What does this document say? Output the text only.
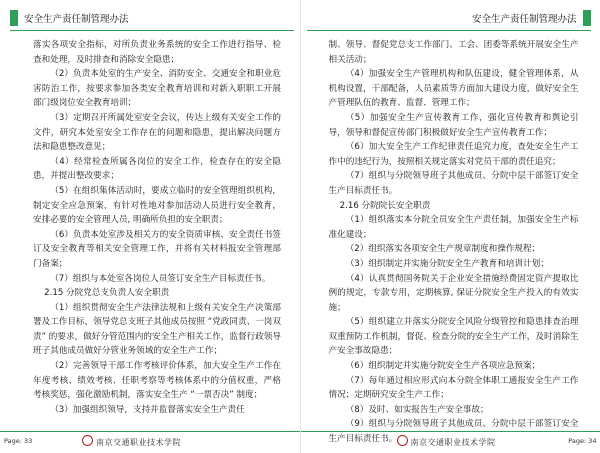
安全生产责任制管理办法

落实各项安全指标，对所负责业务系统的安全工作进行指导、检查和处理，及时排查和消除安全隐患；

（2）负责本处室的生产安全、消防安全、交通安全和职业危害防治工作，按要求参加各类安全教育培训和对新入职职工开展部门级岗位安全教育培训；

（3）定期召开所属处室安全会议，传达上级有关安全工作的文件，研究本处室安全工作存在的问题和隐患，提出解决问题方法和隐患整改意见；

（4）经常检查所属各岗位的安全工作，检查存在的安全隐患，并提出整改要求；

（5）在组织集体活动时，要成立临时的安全管理组织机构，制定安全应急预案，有针对性地对参加活动人员进行安全教育，安排必要的安全管理人员, 明确所负担的安全职责；

（6）负责本处室涉及相关方的安全资质审核、安全责任书签订及安全教育等相关安全管理工作，并将有关材料报安全管理部门备案；

（7）组织与本处室各岗位人员签订安全生产目标责任书。

2.15 分院党总支负责人安全职责

（1）组织贯彻安全生产法律法规和上级有关安全生产决策部署及工作目标，领导党总支班子其他成员按照 “党政同责、一岗双责” 的要求，做好分管范围内的安全生产相关工作，监督行政领导班子其他成员做好分管业务领域的安全生产工作；

（2）完善领导干部工作考核评价体系，加大安全生产工作在年度考核、绩效考核、任职考察等考核体系中的分值权重，严格考核奖惩，强化激励机制，落实安全生产 “一票否决” 制度；

（3）加强组织领导，支持并监督落实安全生产责任

Page: 33	南京交通职业技术学院
安全生产责任制管理办法

制、领导、督促党总支工作部门、工会、团委等系统开展安全生产相关活动；

（4）加强安全生产管理机构和队伍建设，健全管理体系，从机构设置，干部配备，人员素质等方面加大建设力度，做好安全生产管理队伍的教育、监督、管理工作；

（5）加强安全生产宣传教育工作，强化宣传教育和舆论引导，领导和督促宣传部门积极做好安全生产宣传教育工作；

（6）加大安全生产工作纪律责任追究力度，查处安全生产工作中的违纪行为，按照相关规定落实对党员干部的责任追究；

（7）组织与分院领导班子其他成员、分院中层干部签订安全生产目标责任书。

2.16 分院院长安全职责

（1）组织落实本分院全员安全生产责任制，加强安全生产标准化建设；

（2）组织落实各项安全生产规章制度和操作规程；

（3）组织制定并实施分院安全生产教育和培训计划；

（4）认真贯彻国务院关于企业安全措施经费固定资产提取比例的规定，专款专用，定期核算, 保证分院安全生产投入的有效实施；

（5）组织建立并落实分院安全风险分级管控和隐患排查治理双重预防工作机制，督促、检查分院的安全生产工作，及时消除生产安全事故隐患；

（6）组织制定并实施分院安全生产各项应急预案；

（7）每年通过相应形式向本分院全体职工通报安全生产工作情况；定期研究安全生产工作；

（8）及时、如实报告生产安全事故；

（9）组织与分院领导班子其他成员、分院中层干部签订安全生产目标责任书。	南京交通职业技术学院	Page: 34
